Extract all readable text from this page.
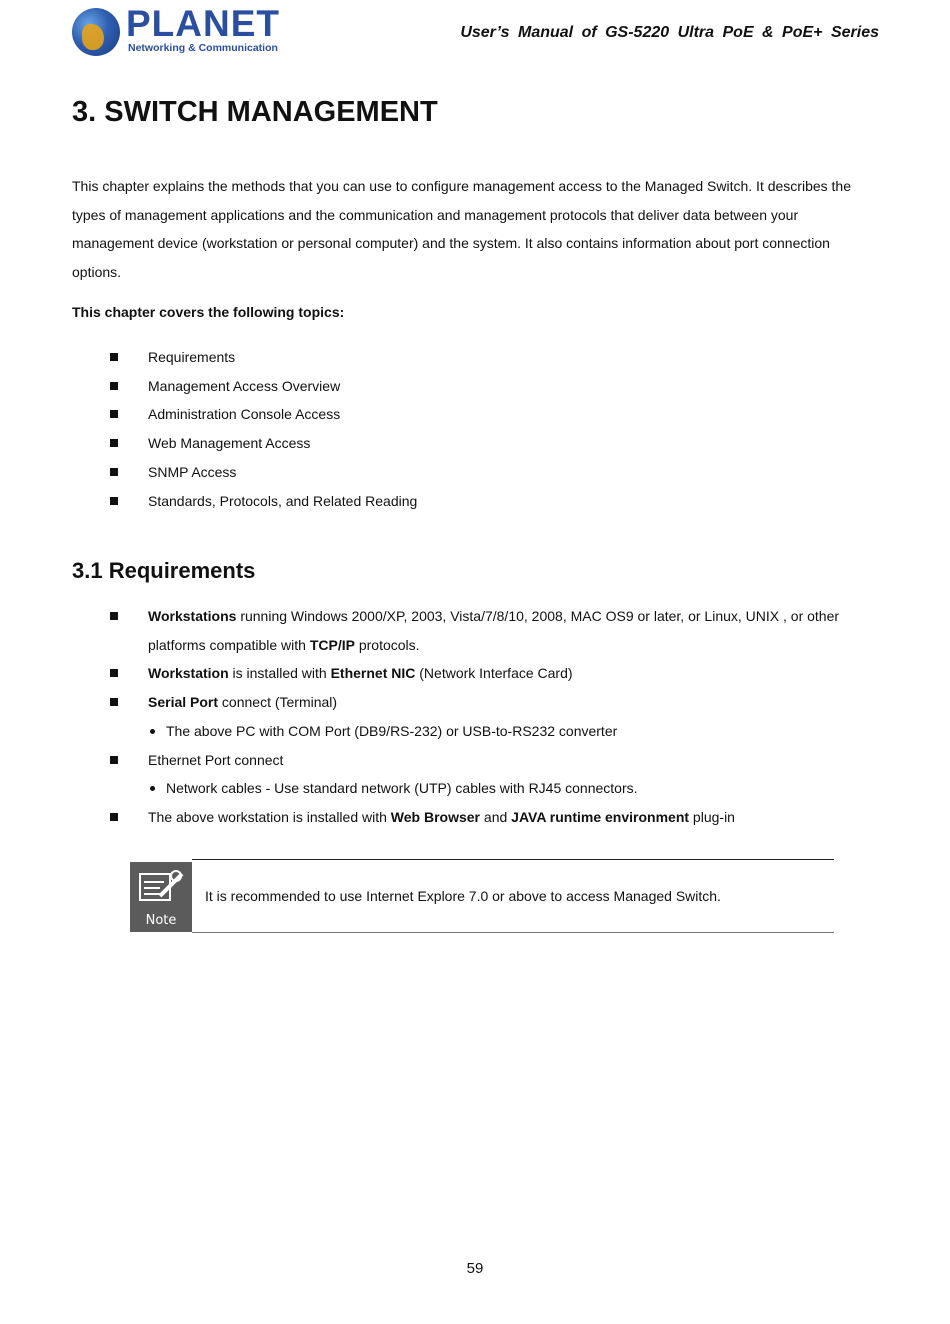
PLANET
Networking & Communication
User’s Manual of GS-5220 Ultra PoE & PoE+ Series
3. SWITCH MANAGEMENT

This chapter explains the methods that you can use to configure management access to the Managed Switch. It describes the types of management applications and the communication and management protocols that deliver data between your management device (workstation or personal computer) and the system. It also contains information about port connection options.

This chapter covers the following topics:
Requirements
Management Access Overview
Administration Console Access
Web Management Access
SNMP Access
Standards, Protocols, and Related Reading
3.1 Requirements
Workstations running Windows 2000/XP, 2003, Vista/7/8/10, 2008, MAC OS9 or later, or Linux, UNIX , or other platforms compatible with TCP/IP protocols.
Workstation is installed with Ethernet NIC (Network Interface Card)
Serial Port connect (Terminal)
The above PC with COM Port (DB9/RS-232) or USB-to-RS232 converter
Ethernet Port connect
Network cables - Use standard network (UTP) cables with RJ45 connectors.
The above workstation is installed with Web Browser and JAVA runtime environment plug-in
Note
It is recommended to use Internet Explore 7.0 or above to access Managed Switch.
59
